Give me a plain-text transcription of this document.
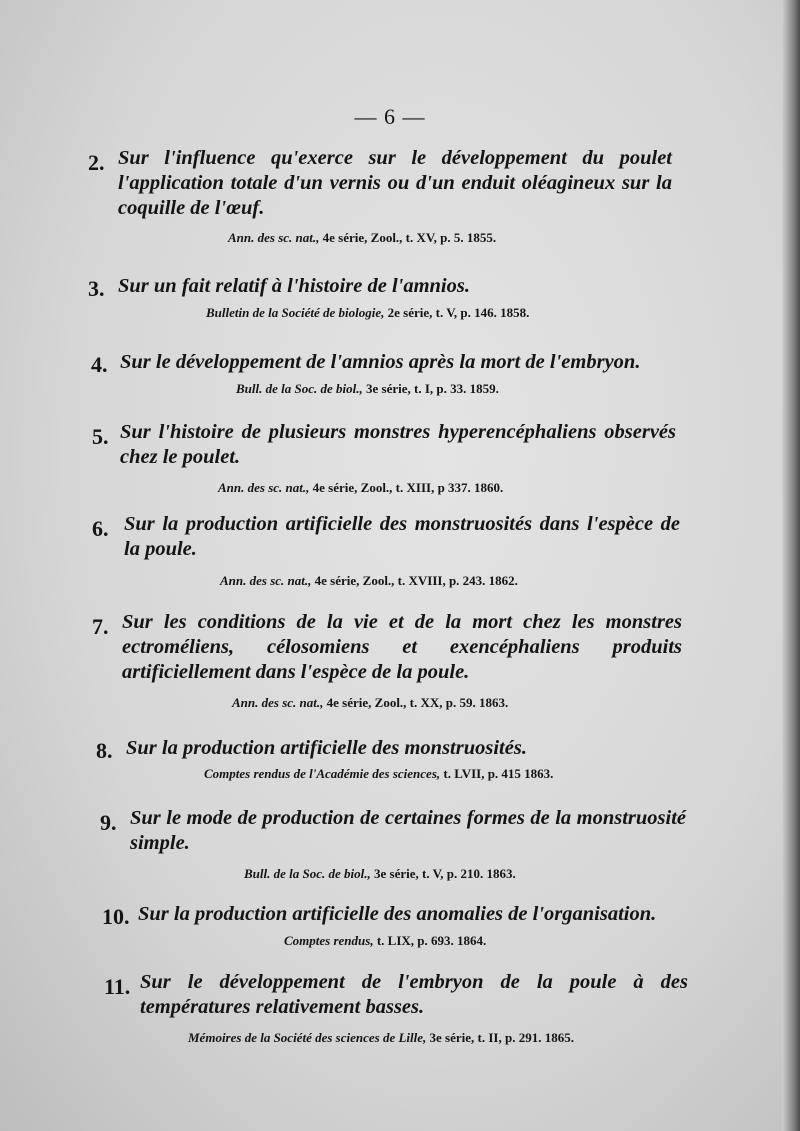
— 6 —
2. Sur l'influence qu'exerce sur le développement du poulet l'application totale d'un vernis ou d'un enduit oléagineux sur la coquille de l'œuf.
Ann. des sc. nat., 4e série, Zool., t. XV, p. 5. 1855.
3. Sur un fait relatif à l'histoire de l'amnios.
Bulletin de la Société de biologie, 2e série, t. V, p. 146. 1858.
4. Sur le développement de l'amnios après la mort de l'embryon.
Bull. de la Soc. de biol., 3e série, t. I, p. 33. 1859.
5. Sur l'histoire de plusieurs monstres hyperencéphaliens observés chez le poulet.
Ann. des sc. nat., 4e série, Zool., t. XIII, p 337. 1860.
6. Sur la production artificielle des monstruosités dans l'espèce de la poule.
Ann. des sc. nat., 4e série, Zool., t. XVIII, p. 243. 1862.
7. Sur les conditions de la vie et de la mort chez les monstres ectroméliens, célosomiens et exencéphaliens produits artificiellement dans l'espèce de la poule.
Ann. des sc. nat., 4e série, Zool., t. XX, p. 59. 1863.
8. Sur la production artificielle des monstruosités.
Comptes rendus de l'Académie des sciences, t. LVII, p. 415 1863.
9. Sur le mode de production de certaines formes de la monstruosité simple.
Bull. de la Soc. de biol., 3e série, t. V, p. 210. 1863.
10. Sur la production artificielle des anomalies de l'organisation.
Comptes rendus, t. LIX, p. 693. 1864.
11. Sur le développement de l'embryon de la poule à des températures relativement basses.
Mémoires de la Société des sciences de Lille, 3e série, t. II, p. 291. 1865.
